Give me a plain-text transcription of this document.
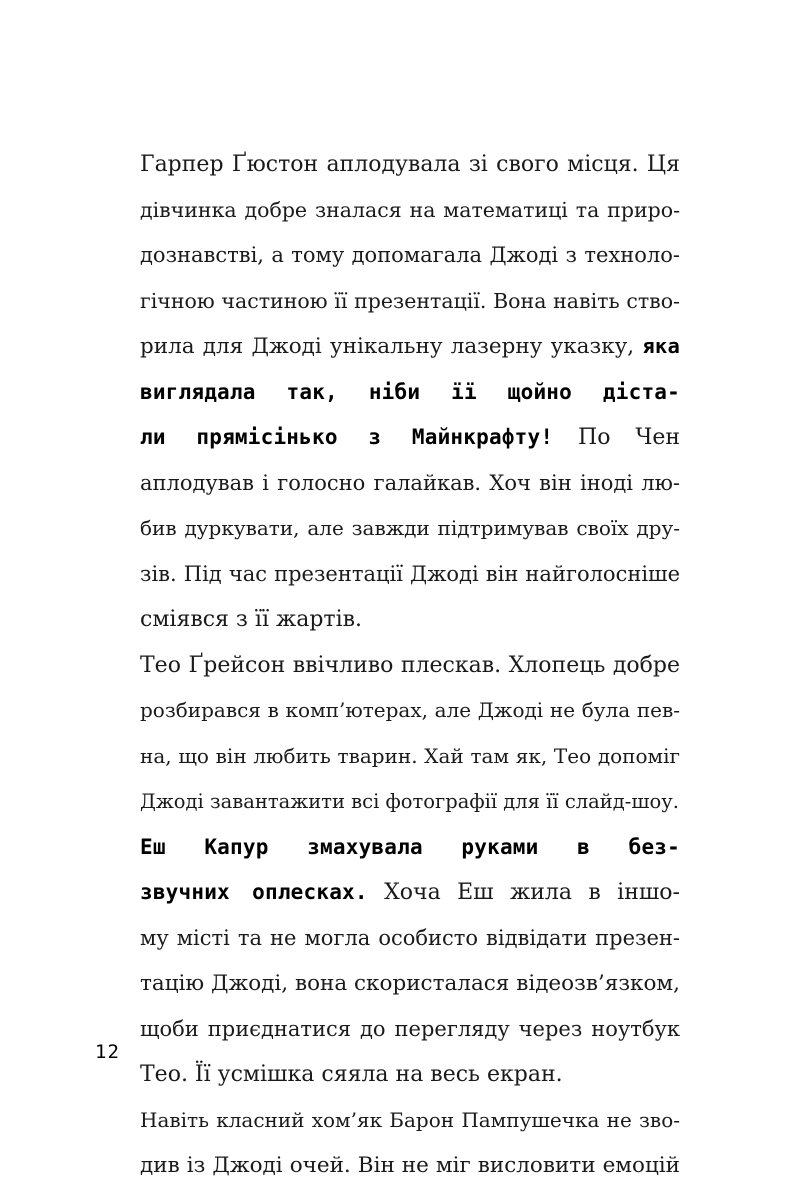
Гарпер Ґюстон аплодувала зі свого місця. Ця
дівчинка добре зналася на математиці та приро-
дознавстві, а тому допомагала Джоді з техноло-
гічною частиною її презентації. Вона навіть ство-
рила для Джоді унікальну лазерну указку, яка
виглядала так, ніби її щойно діста-
ли прямісінько з Майнкрафту! По Чен
аплодував і голосно галайкав. Хоч він іноді лю-
бив дуркувати, але завжди підтримував своїх дру-
зів. Під час презентації Джоді він найголосніше
сміявся з її жартів.
Тео Ґрейсон ввічливо плескав. Хлопець добре
розбирався в комп’ютерах, але Джоді не була пев-
на, що він любить тварин. Хай там як, Тео допоміг
Джоді завантажити всі фотографії для її слайд-шоу.
Еш Капур змахувала руками в без-
звучних оплесках. Хоча Еш жила в іншо-
му місті та не могла особисто відвідати презен-
тацію Джоді, вона скористалася відеозв’язком,
щоби приєднатися до перегляду через ноутбук
Тео. Її усмішка сяяла на весь екран.
Навіть класний хом’як Барон Пампушечка не зво-
див із Джоді очей. Він не міг висловити емоцій
12
